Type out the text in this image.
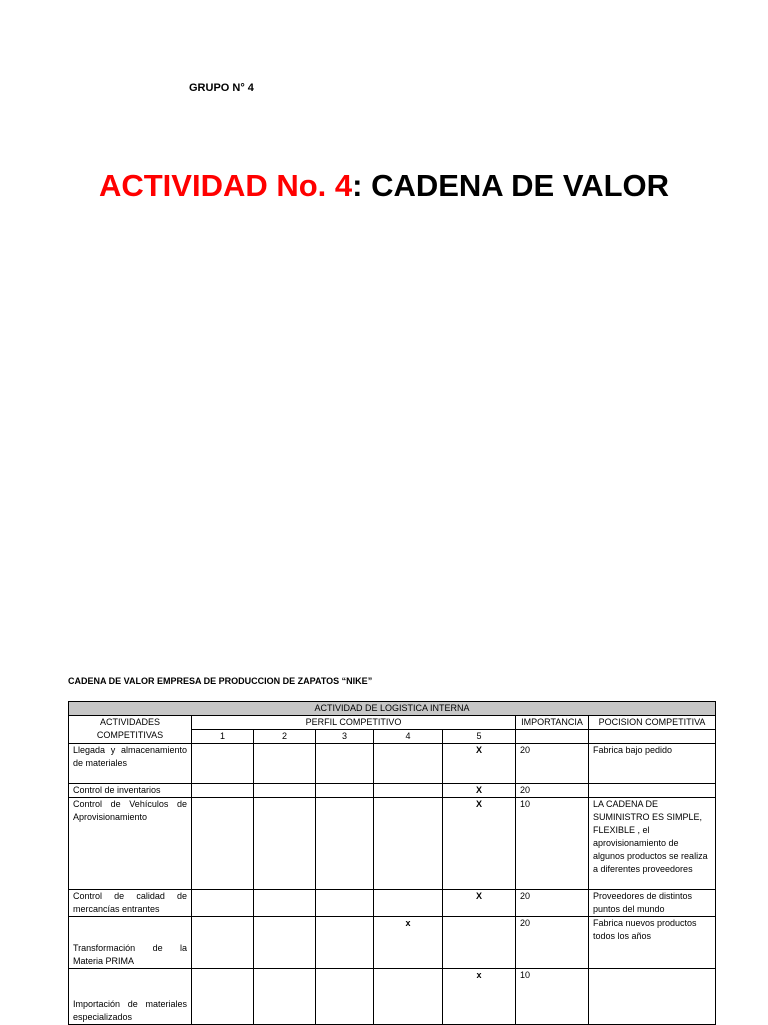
GRUPO N° 4
ACTIVIDAD No. 4: CADENA DE VALOR
CADENA DE VALOR EMPRESA DE PRODUCCION DE ZAPATOS “NIKE”
ACTIVIDAD DE LOGISTICA INTERNA							
ACTIVIDADES COMPETITIVAS	PERFIL COMPETITIVO					IMPORTANCIA	POCISION COMPETITIVA
	1	2	3	4	5		
Llegada y almacenamiento de materiales					X	20	Fabrica bajo pedido
Control de inventarios					X	20	
Control de Vehículos de Aprovisionamiento					X	10	LA CADENA DE SUMINISTRO ES SIMPLE, FLEXIBLE , el aprovisionamiento de algunos productos se realiza a diferentes proveedores
Control de calidad de mercancías entrantes					X	20	Proveedores de distintos puntos del mundo
Transformación de la Materia PRIMA				x		20	Fabrica nuevos productos todos los años
Importación de materiales especializados					x	10	
